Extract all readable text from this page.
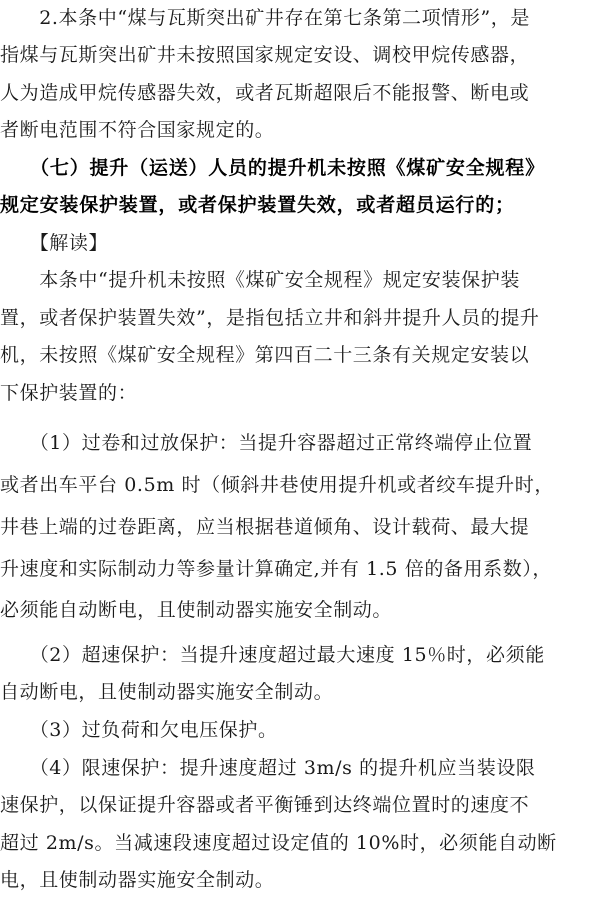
　　2.本条中“煤与瓦斯突出矿井存在第七条第二项情形”，是
指煤与瓦斯突出矿井未按照国家规定安设、调校甲烷传感器，
人为造成甲烷传感器失效，或者瓦斯超限后不能报警、断电或
者断电范围不符合国家规定的。
　　（七）提升（运送）人员的提升机未按照《煤矿安全规程》
规定安装保护装置，或者保护装置失效，或者超员运行的；
　　【解读】
　　本条中“提升机未按照《煤矿安全规程》规定安装保护装
置，或者保护装置失效”，是指包括立井和斜井提升人员的提升
机，未按照《煤矿安全规程》第四百二十三条有关规定安装以
下保护装置的：
　　（1）过卷和过放保护：当提升容器超过正常终端停止位置
或者出车平台 0.5m 时（倾斜井巷使用提升机或者绞车提升时，
井巷上端的过卷距离，应当根据巷道倾角、设计载荷、最大提
升速度和实际制动力等参量计算确定,并有 1.5 倍的备用系数），
必须能自动断电，且使制动器实施安全制动。
　　（2）超速保护：当提升速度超过最大速度 15％时，必须能
自动断电，且使制动器实施安全制动。
　　（3）过负荷和欠电压保护。
　　（4）限速保护：提升速度超过 3m/s 的提升机应当装设限
速保护，以保证提升容器或者平衡锤到达终端位置时的速度不
超过 2m/s。当减速段速度超过设定值的 10%时，必须能自动断
电，且使制动器实施安全制动。
